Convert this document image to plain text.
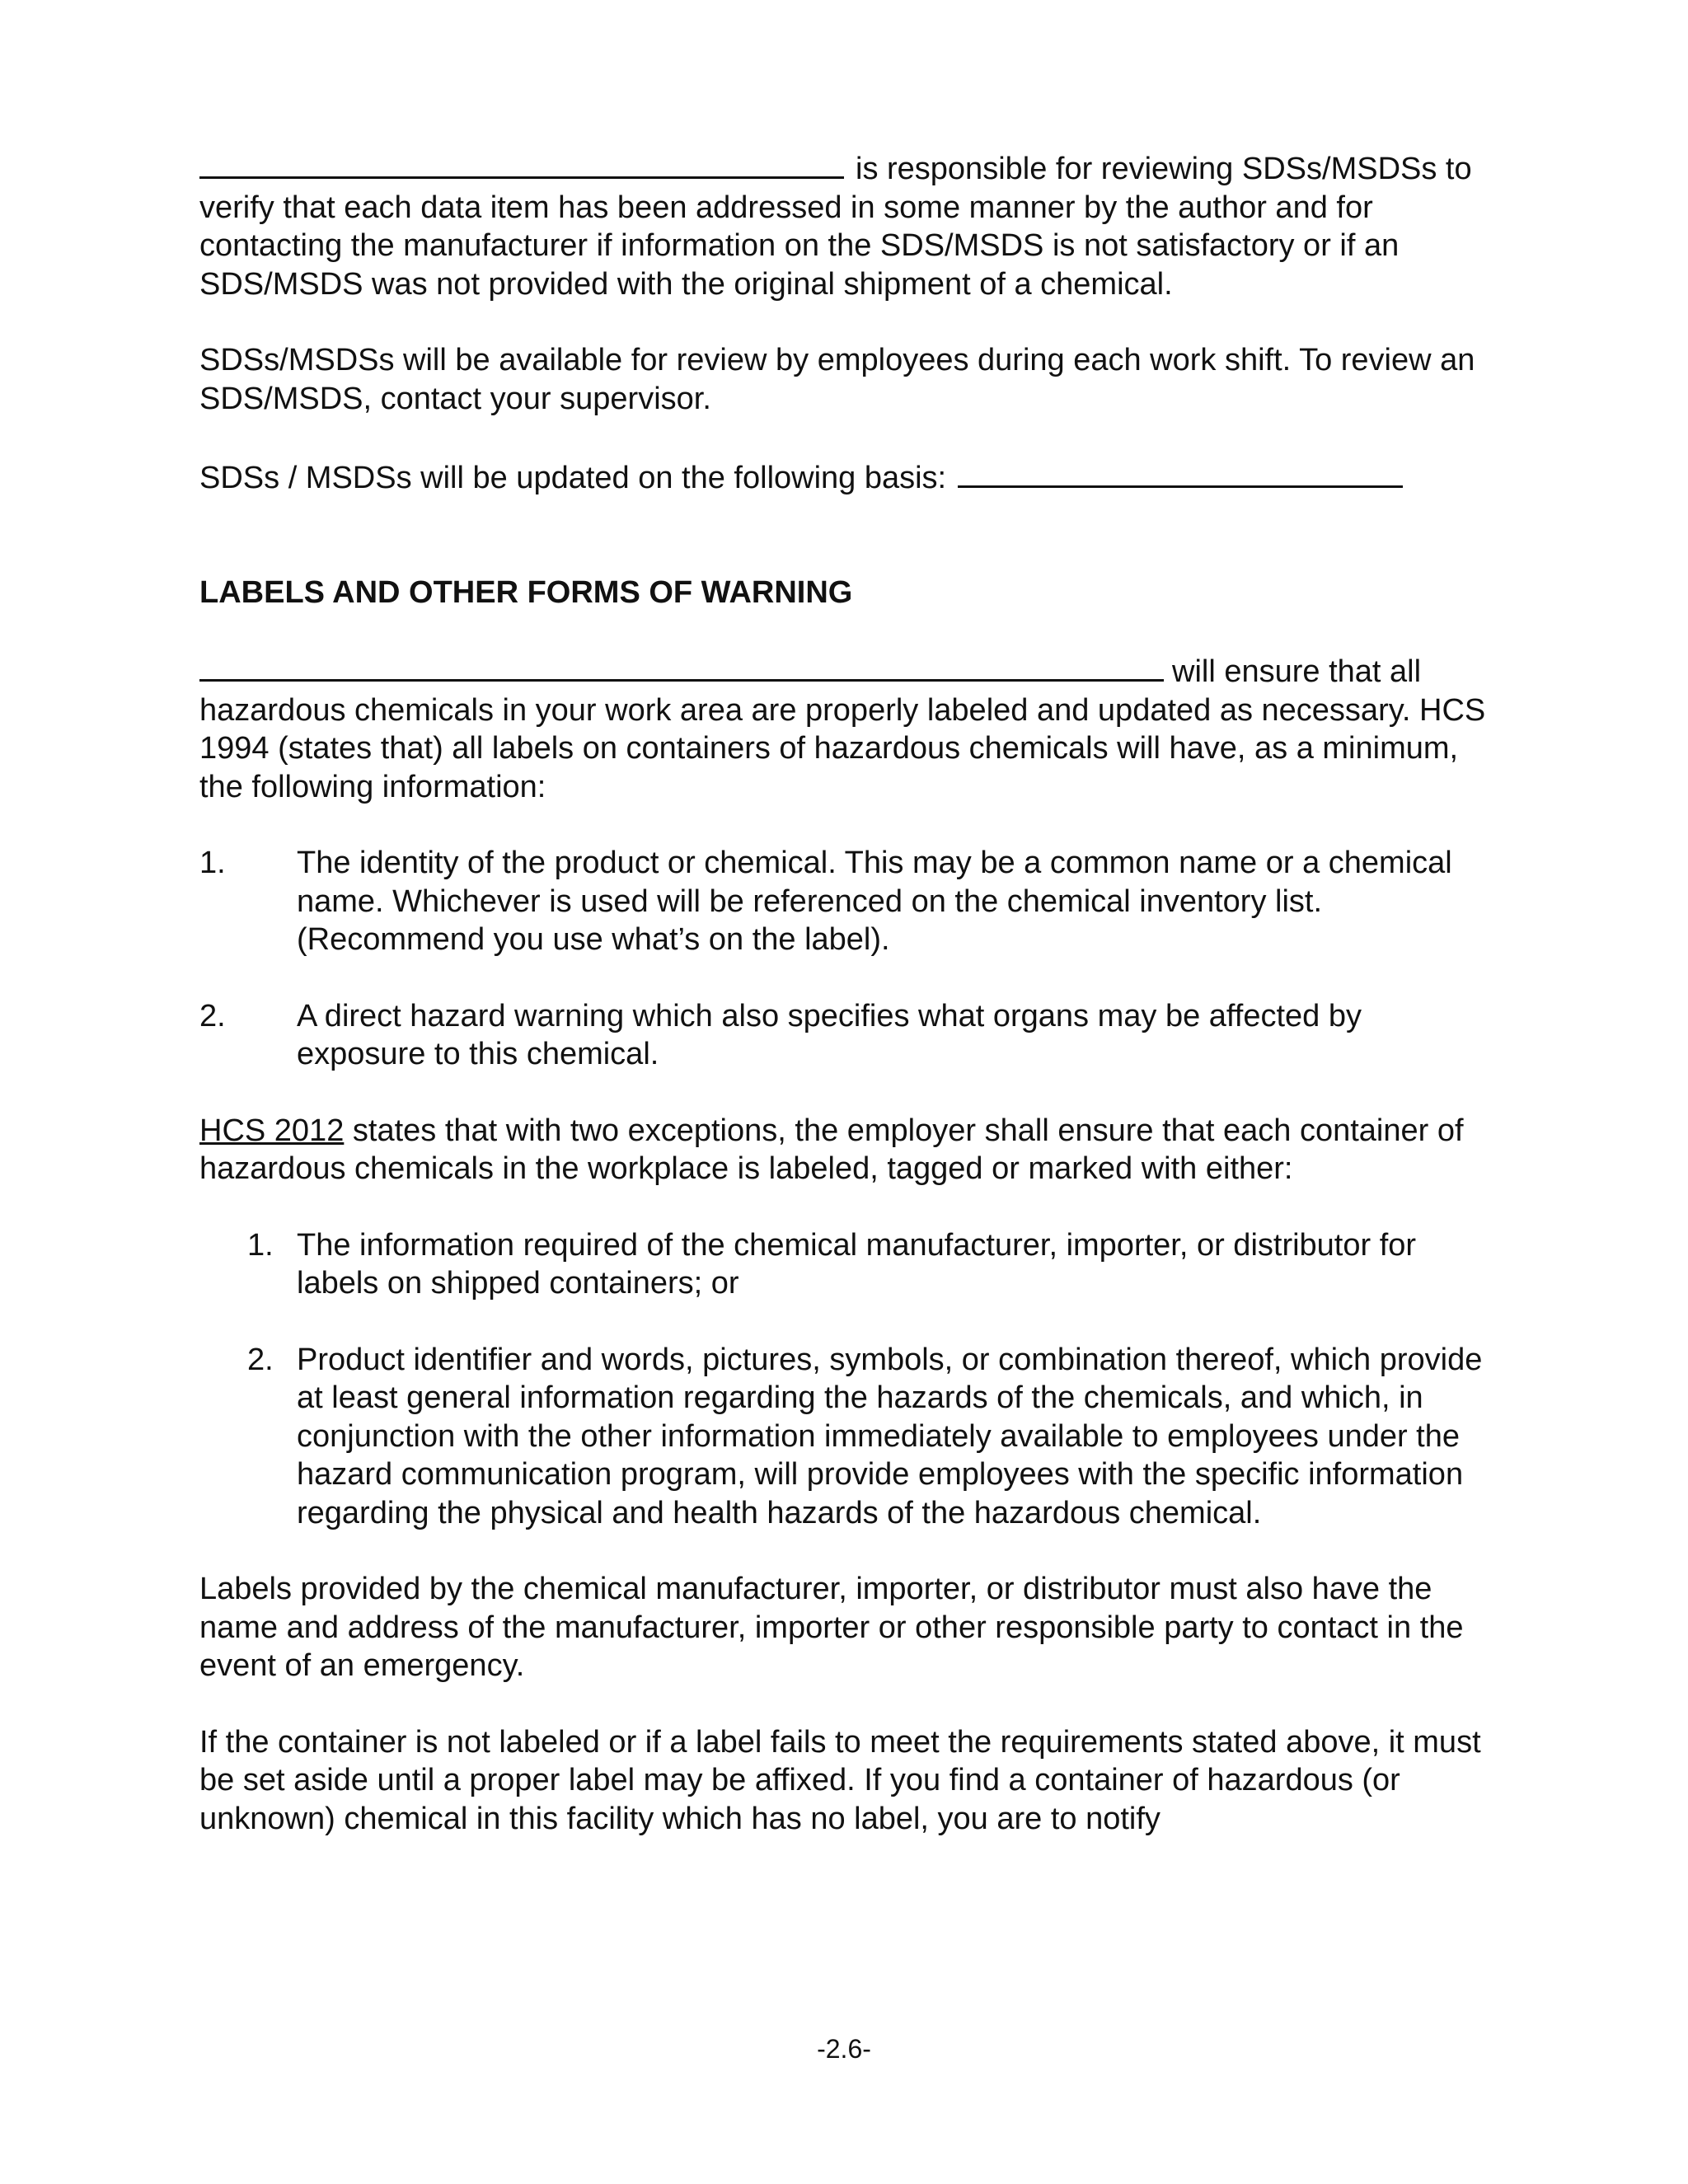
is responsible for reviewing SDSs/MSDSs to verify that each data item has been addressed in some manner by the author and for contacting the manufacturer if information on the SDS/MSDS is not satisfactory or if an SDS/MSDS was not provided with the original shipment of a chemical.

SDSs/MSDSs will be available for review by employees during each work shift. To review an SDS/MSDS, contact your supervisor.

SDSs / MSDSs will be updated on the following basis:

LABELS AND OTHER FORMS OF WARNING

will ensure that all hazardous chemicals in your work area are properly labeled and updated as necessary. HCS 1994 (states that) all labels on containers of hazardous chemicals will have, as a minimum, the following information:

1. The identity of the product or chemical. This may be a common name or a chemical name. Whichever is used will be referenced on the chemical inventory list. (Recommend you use what’s on the label).
2. A direct hazard warning which also specifies what organs may be affected by exposure to this chemical.

HCS 2012 states that with two exceptions, the employer shall ensure that each container of hazardous chemicals in the workplace is labeled, tagged or marked with either:

1. The information required of the chemical manufacturer, importer, or distributor for labels on shipped containers; or
2. Product identifier and words, pictures, symbols, or combination thereof, which provide at least general information regarding the hazards of the chemicals, and which, in conjunction with the other information immediately available to employees under the hazard communication program, will provide employees with the specific information regarding the physical and health hazards of the hazardous chemical.

Labels provided by the chemical manufacturer, importer, or distributor must also have the name and address of the manufacturer, importer or other responsible party to contact in the event of an emergency.

If the container is not labeled or if a label fails to meet the requirements stated above, it must be set aside until a proper label may be affixed. If you find a container of hazardous (or unknown) chemical in this facility which has no label, you are to notify

-2.6-
